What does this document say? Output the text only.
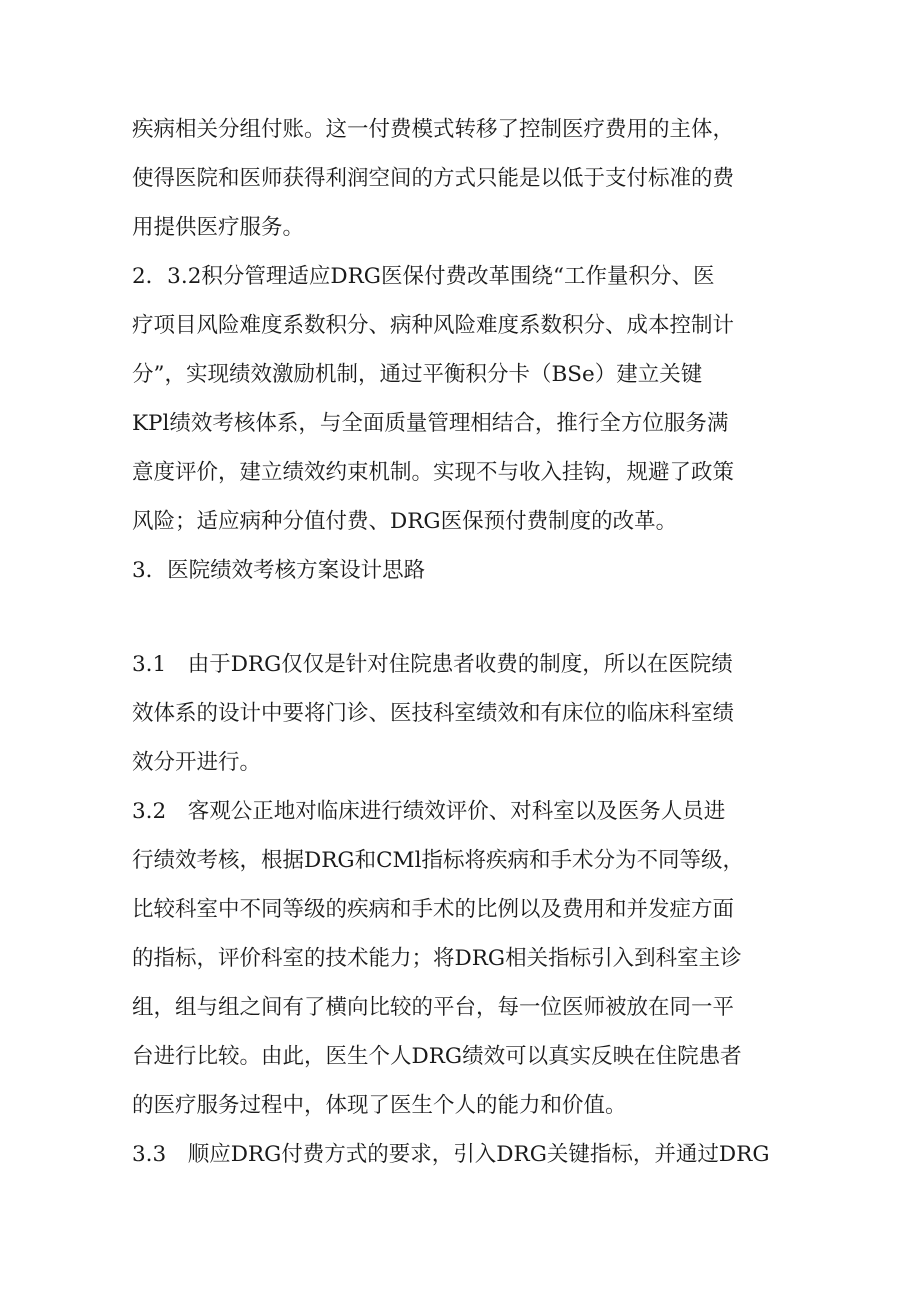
疾病相关分组付账。这一付费模式转移了控制医疗费用的主体，
使得医院和医师获得利润空间的方式只能是以低于支付标准的费
用提供医疗服务。
2．3.2积分管理适应DRG医保付费改革围绕“工作量积分、医
疗项目风险难度系数积分、病种风险难度系数积分、成本控制计
分”，实现绩效激励机制，通过平衡积分卡（BSe）建立关键
KPl绩效考核体系，与全面质量管理相结合，推行全方位服务满
意度评价，建立绩效约束机制。实现不与收入挂钩，规避了政策
风险；适应病种分值付费、DRG医保预付费制度的改革。
3．医院绩效考核方案设计思路
3.1　由于DRG仅仅是针对住院患者收费的制度，所以在医院绩
效体系的设计中要将门诊、医技科室绩效和有床位的临床科室绩
效分开进行。
3.2　客观公正地对临床进行绩效评价、对科室以及医务人员进
行绩效考核，根据DRG和CMl指标将疾病和手术分为不同等级，
比较科室中不同等级的疾病和手术的比例以及费用和并发症方面
的指标，评价科室的技术能力；将DRG相关指标引入到科室主诊
组，组与组之间有了横向比较的平台，每一位医师被放在同一平
台进行比较。由此，医生个人DRG绩效可以真实反映在住院患者
的医疗服务过程中，体现了医生个人的能力和价值。
3.3　顺应DRG付费方式的要求，引入DRG关键指标，并通过DRG
